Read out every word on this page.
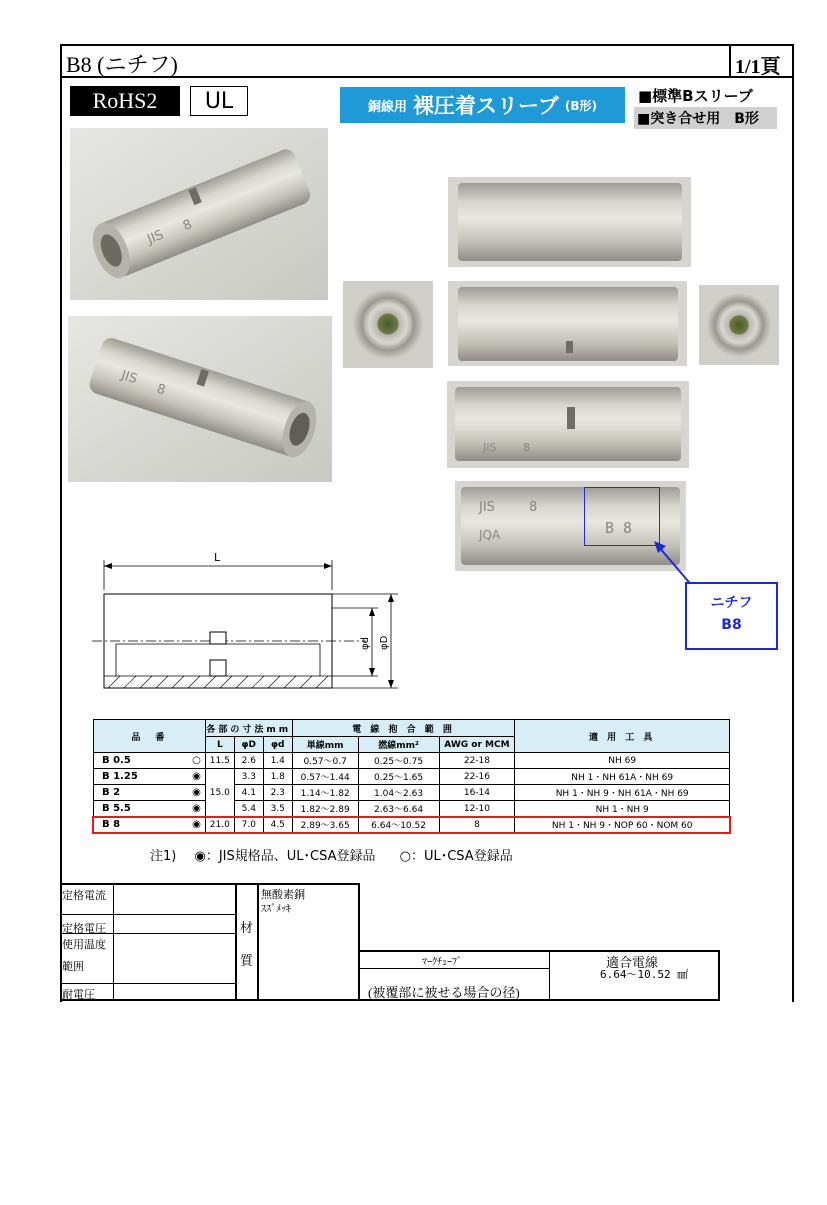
B8 (ニチフ)	1/1頁
RoHS2	UL	銅線用 裸圧着スリーブ (B形)
■標準Bスリーブ
■突き合せ用　B形
JIS
8
JIS
8
JIS 8
JIS	8
JQA	B 8
ニチフ
B8
L
φd φD
品　番		各部の寸法mm			電 線 抱 合 範 囲			適 用 工 具
		L	φD	φd	単線mm	撚線mm²	AWG or MCM	
B 0.5	○	11.5	2.6	1.4	0.57～0.7	0.25～0.75	22-18	NH 69
B 1.25	◉	15.0	3.3	1.8	0.57～1.44	0.25～1.65	22-16	NH 1・NH 61A・NH 69
B 2	◉		4.1	2.3	1.14～1.82	1.04～2.63	16-14	NH 1・NH 9・NH 61A・NH 69
B 5.5	◉		5.4	3.5	1.82～2.89	2.63～6.64	12-10	NH 1・NH 9
B 8	◉	21.0	7.0	4.5	2.89～3.65	6.64～10.52	8	NH 1・NH 9・NOP 60・NOM 60
注1) ◉：JIS規格品、UL･CSA登録品 ○：UL･CSA登録品
定格電流
定格電圧
使用温度
範囲
耐電圧
材
質
無酸素銅
ｽｽﾞﾒｯｷ
ﾏｰｸﾁｭｰﾌﾞ
(被覆部に被せる場合の径)
適合電線
6.64～10.52 ㎟
